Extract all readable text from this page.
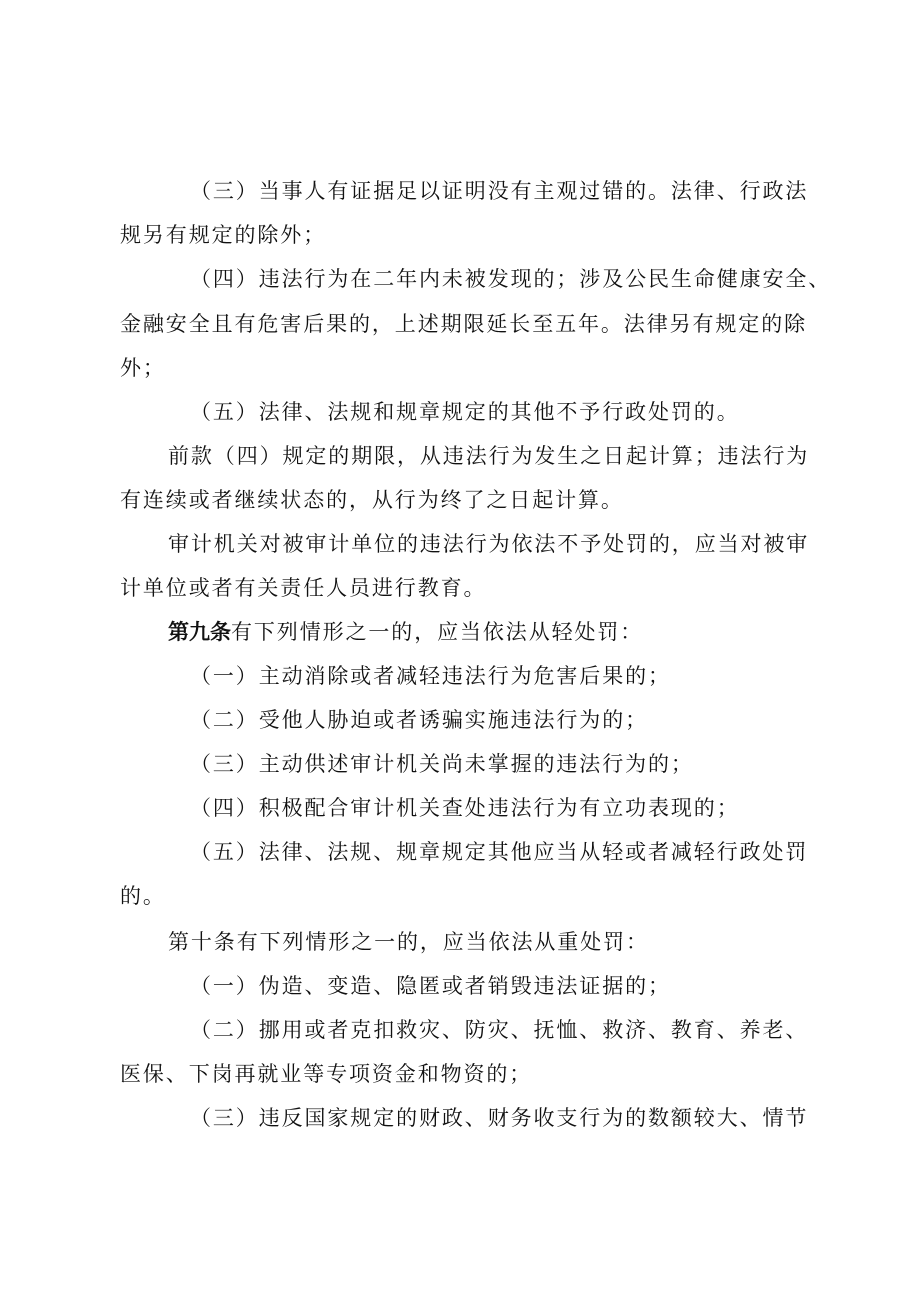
（三）当事人有证据足以证明没有主观过错的。法律、行政法
规另有规定的除外；
（四）违法行为在二年内未被发现的；涉及公民生命健康安全、
金融安全且有危害后果的，上述期限延长至五年。法律另有规定的除
外；
（五）法律、法规和规章规定的其他不予行政处罚的。
前款（四）规定的期限，从违法行为发生之日起计算；违法行为
有连续或者继续状态的，从行为终了之日起计算。
审计机关对被审计单位的违法行为依法不予处罚的，应当对被审
计单位或者有关责任人员进行教育。
第九条有下列情形之一的，应当依法从轻处罚：
（一）主动消除或者减轻违法行为危害后果的；
（二）受他人胁迫或者诱骗实施违法行为的；
（三）主动供述审计机关尚未掌握的违法行为的；
（四）积极配合审计机关查处违法行为有立功表现的；
（五）法律、法规、规章规定其他应当从轻或者减轻行政处罚
的。
第十条有下列情形之一的，应当依法从重处罚：
（一）伪造、变造、隐匿或者销毁违法证据的；
（二）挪用或者克扣救灾、防灾、抚恤、救济、教育、养老、
医保、下岗再就业等专项资金和物资的；
（三）违反国家规定的财政、财务收支行为的数额较大、情节
